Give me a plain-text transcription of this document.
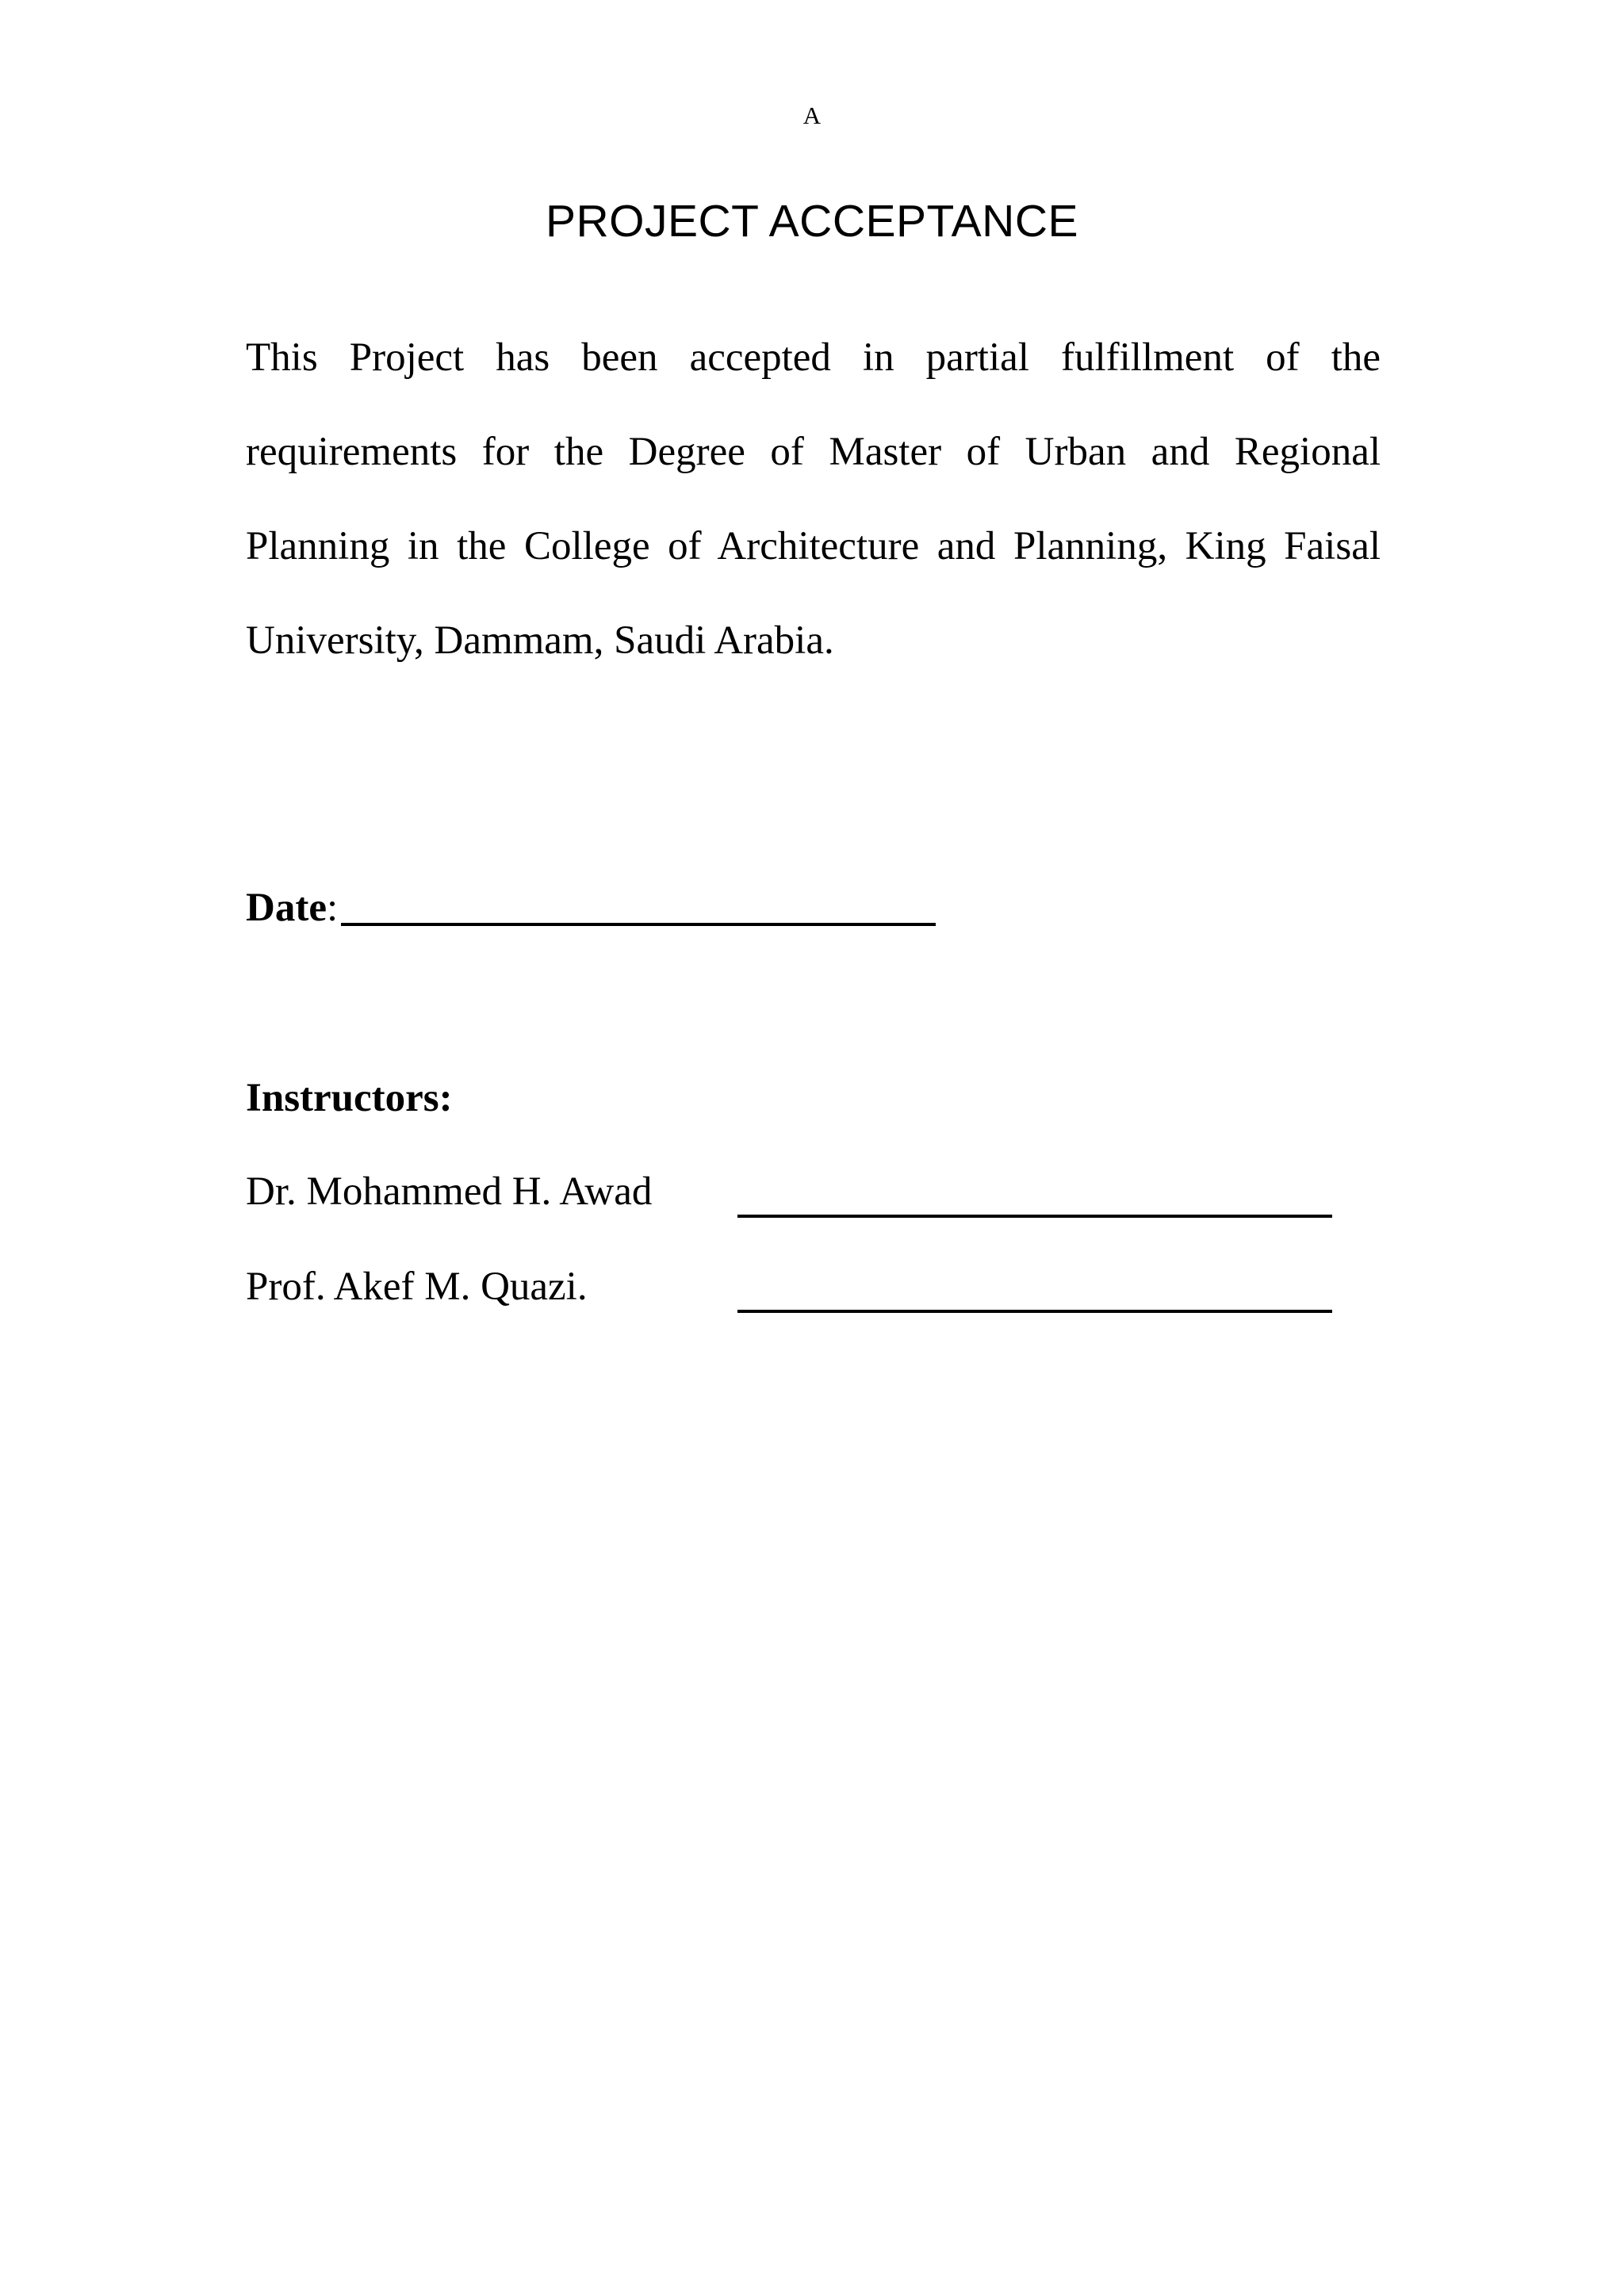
A
PROJECT ACCEPTANCE

This Project has been accepted in partial fulfillment of the requirements for the Degree of Master of Urban and Regional Planning in the College of Architecture and Planning, King Faisal University, Dammam, Saudi Arabia.

Date :
Instructors:
Dr. Mohammed H. Awad
Prof. Akef M. Quazi.
